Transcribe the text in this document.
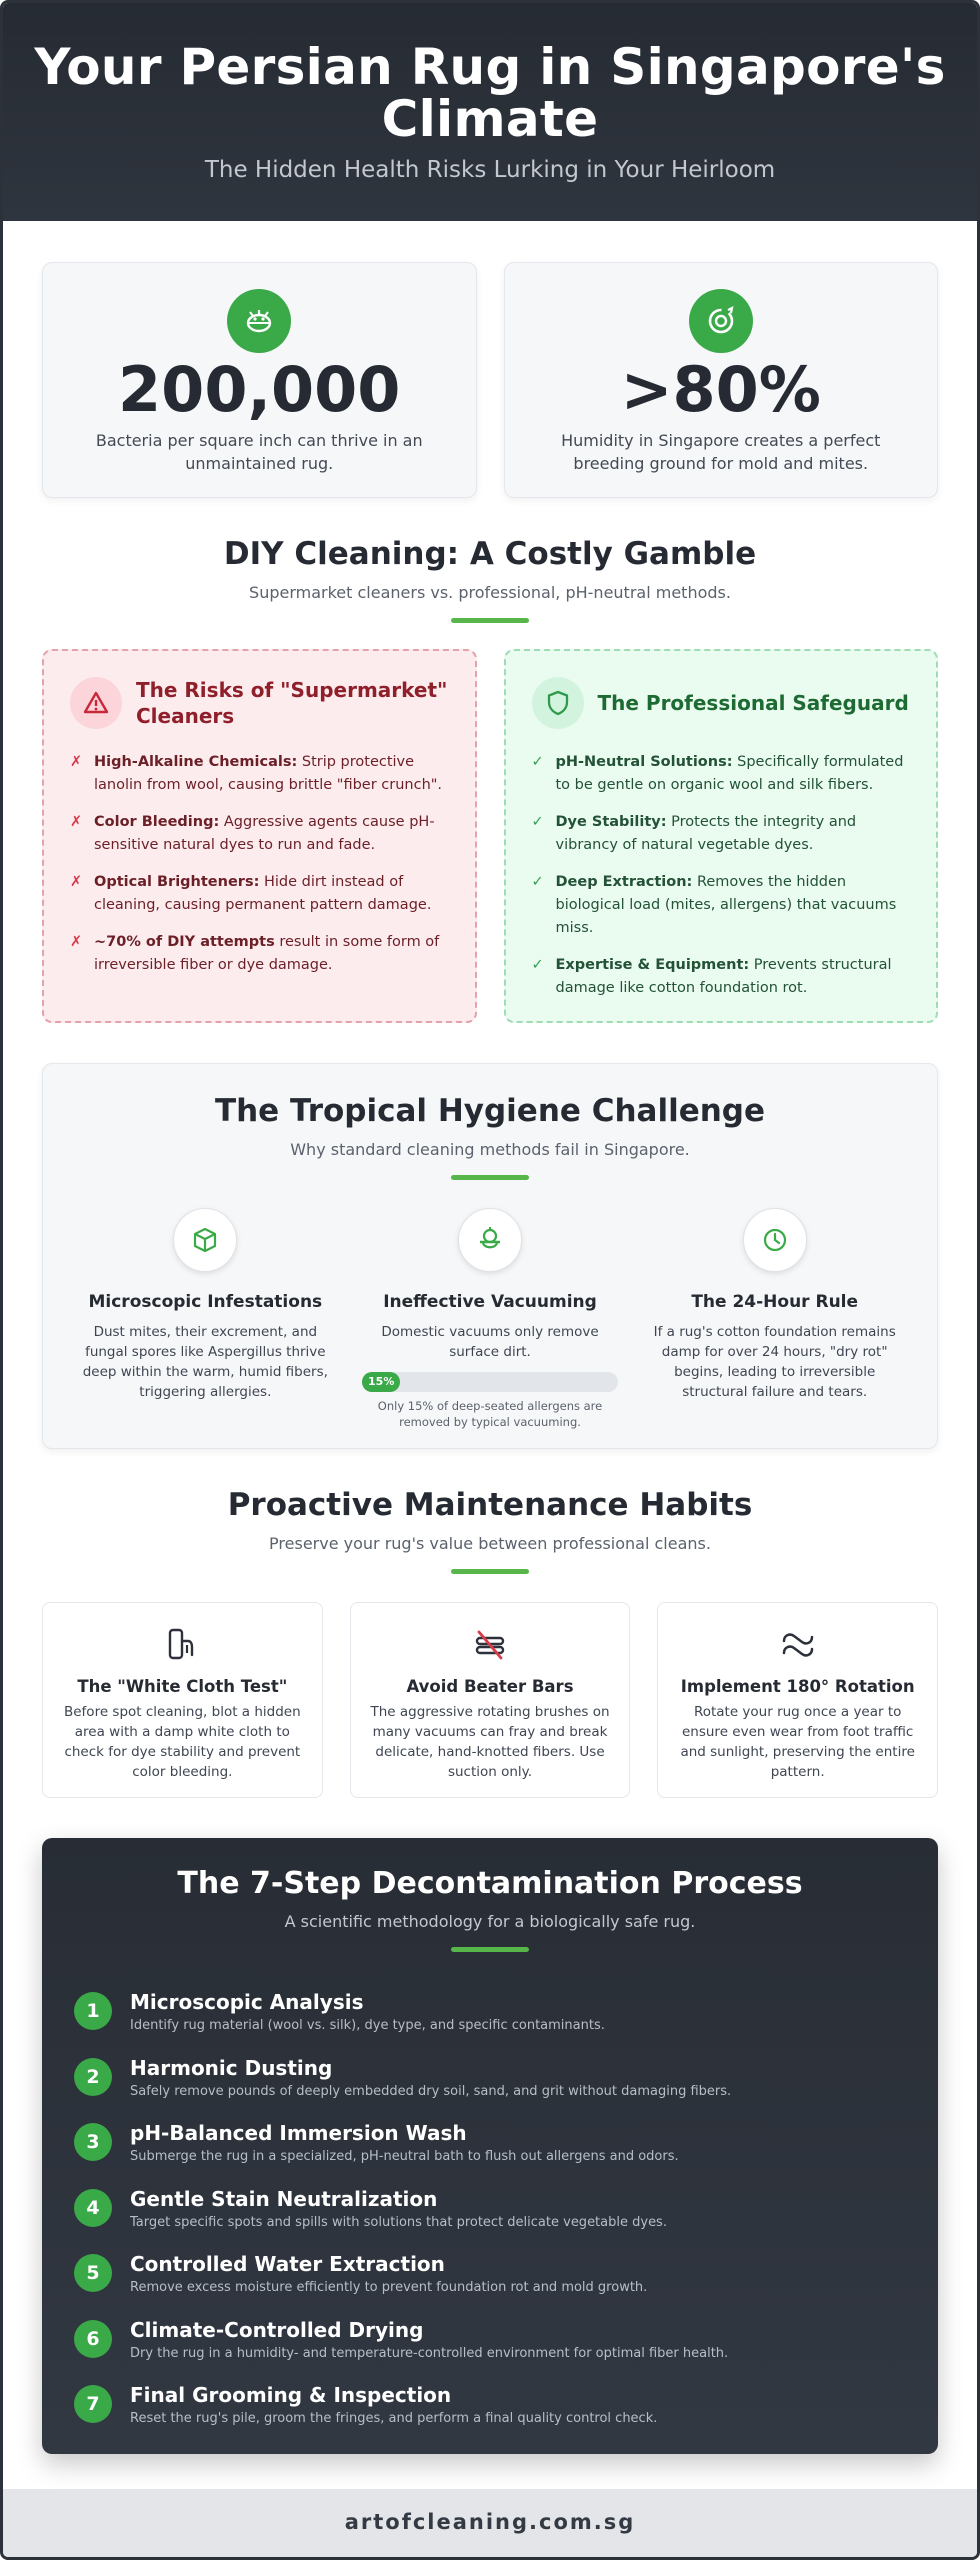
Your Persian Rug in Singapore's
Climate
The Hidden Health Risks Lurking in Your Heirloom
200,000
Bacteria per square inch can thrive in an unmaintained rug.
>80%
Humidity in Singapore creates a perfect breeding ground for mold and mites.
DIY Cleaning: A Costly Gamble
Supermarket cleaners vs. professional, pH-neutral methods.
The Risks of "Supermarket" Cleaners
✗ High-Alkaline Chemicals: Strip protective lanolin from wool, causing brittle "fiber crunch".
✗ Color Bleeding: Aggressive agents cause pH-sensitive natural dyes to run and fade.
✗ Optical Brighteners: Hide dirt instead of cleaning, causing permanent pattern damage.
✗ ~70% of DIY attempts result in some form of irreversible fiber or dye damage.
The Professional Safeguard
✓ pH-Neutral Solutions: Specifically formulated to be gentle on organic wool and silk fibers.
✓ Dye Stability: Protects the integrity and vibrancy of natural vegetable dyes.
✓ Deep Extraction: Removes the hidden biological load (mites, allergens) that vacuums miss.
✓ Expertise & Equipment: Prevents structural damage like cotton foundation rot.
The Tropical Hygiene Challenge
Why standard cleaning methods fail in Singapore.
Microscopic Infestations

Dust mites, their excrement, and fungal spores like Aspergillus thrive deep within the warm, humid fibers, triggering allergies.

Ineffective Vacuuming

Domestic vacuums only remove surface dirt.

15%
Only 15% of deep-seated allergens are removed by typical vacuuming.
The 24-Hour Rule

If a rug's cotton foundation remains damp for over 24 hours, "dry rot" begins, leading to irreversible structural failure and tears.

Proactive Maintenance Habits
Preserve your rug's value between professional cleans.
The "White Cloth Test"

Before spot cleaning, blot a hidden area with a damp white cloth to check for dye stability and prevent color bleeding.

Avoid Beater Bars

The aggressive rotating brushes on many vacuums can fray and break delicate, hand-knotted fibers. Use suction only.

Implement 180° Rotation

Rotate your rug once a year to ensure even wear from foot traffic and sunlight, preserving the entire pattern.

The 7-Step Decontamination Process
A scientific methodology for a biologically safe rug.
1	Microscopic Analysis

Identify rug material (wool vs. silk), dye type, and specific contaminants.

2	Harmonic Dusting

Safely remove pounds of deeply embedded dry soil, sand, and grit without damaging fibers.

3	pH-Balanced Immersion Wash

Submerge the rug in a specialized, pH-neutral bath to flush out allergens and odors.

4	Gentle Stain Neutralization

Target specific spots and spills with solutions that protect delicate vegetable dyes.

5	Controlled Water Extraction

Remove excess moisture efficiently to prevent foundation rot and mold growth.

6	Climate-Controlled Drying

Dry the rug in a humidity- and temperature-controlled environment for optimal fiber health.

7	Final Grooming & Inspection

Reset the rug's pile, groom the fringes, and perform a final quality control check.

artofcleaning.com.sg
